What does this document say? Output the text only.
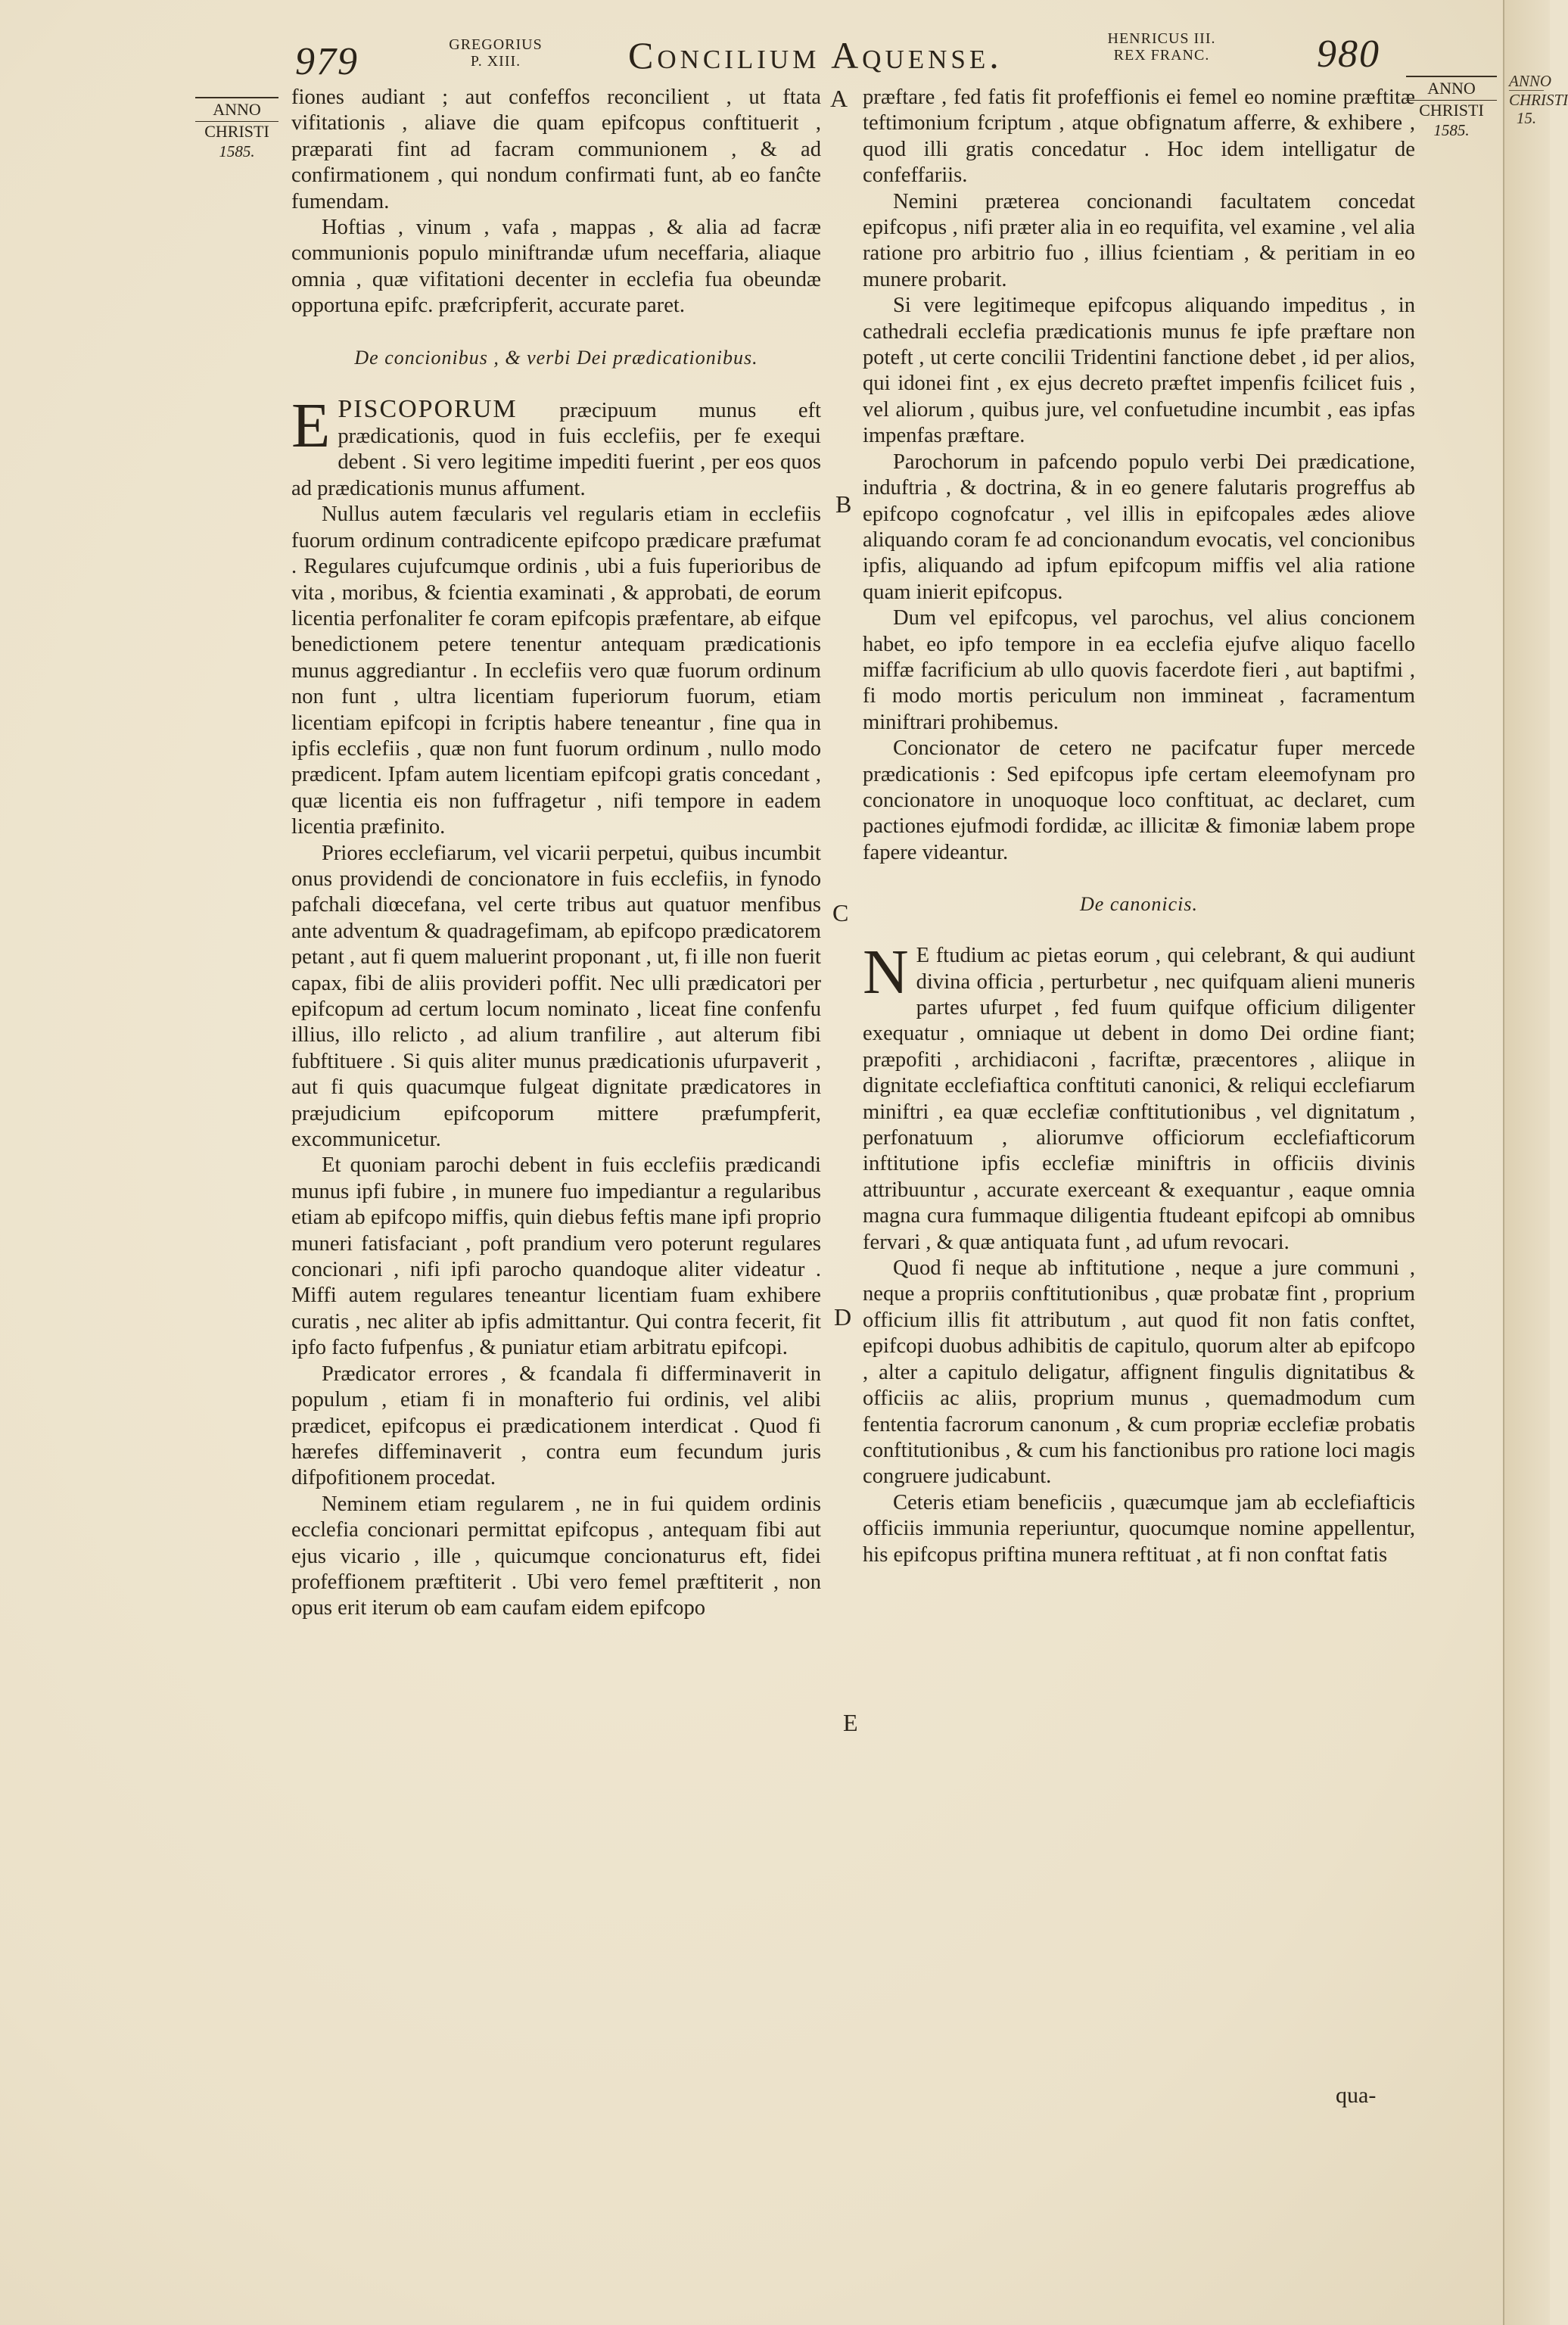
ANNO
CHRISTI
15.
979	GREGORIUS
P. XIII.	Concilium Aquense.	HENRICUS III.
REX FRANC.	980
ANNO
CHRISTI
1585.
ANNO
CHRISTI
1585.
A
B
C
D
E

fiones audiant ; aut confeffos reconcilient , ut ftata vifitationis , aliave die quam epifcopus conftituerit , præparati fint ad facram communionem , & ad confirmationem , qui nondum confirmati funt, ab eo fanĉte fumendam.

Hoftias , vinum , vafa , mappas , & alia ad facræ communionis populo miniftrandæ ufum neceffaria, aliaque omnia , quæ vifitationi decenter in ecclefia fua obeundæ opportuna epifc. præfcripferit, accurate paret.

De concionibus , & verbi Dei prædicationibus.

EPISCOPORUM præcipuum munus eft prædicationis, quod in fuis ecclefiis, per fe exequi debent . Si vero legitime impediti fuerint , per eos quos ad prædicationis munus affument.

Nullus autem fæcularis vel regularis etiam in ecclefiis fuorum ordinum contradicente epifcopo prædicare præfumat . Regulares cujufcumque ordinis , ubi a fuis fuperioribus de vita , moribus, & fcientia examinati , & approbati, de eorum licentia perfonaliter fe coram epifcopis præfentare, ab eifque benedictionem petere tenentur antequam prædicationis munus aggrediantur . In ecclefiis vero quæ fuorum ordinum non funt , ultra licentiam fuperiorum fuorum, etiam licentiam epifcopi in fcriptis habere teneantur , fine qua in ipfis ecclefiis , quæ non funt fuorum ordinum , nullo modo prædicent. Ipfam autem licentiam epifcopi gratis concedant , quæ licentia eis non fuffragetur , nifi tempore in eadem licentia præfinito.

Priores ecclefiarum, vel vicarii perpetui, quibus incumbit onus providendi de concionatore in fuis ecclefiis, in fynodo pafchali diœcefana, vel certe tribus aut quatuor menfibus ante adventum & quadragefimam, ab epifcopo prædicatorem petant , aut fi quem maluerint proponant , ut, fi ille non fuerit capax, fibi de aliis provideri poffit. Nec ulli prædicatori per epifcopum ad certum locum nominato , liceat fine confenfu illius, illo relicto , ad alium tranfilire , aut alterum fibi fubftituere . Si quis aliter munus prædicationis ufurpaverit , aut fi quis quacumque fulgeat dignitate prædicatores in præjudicium epifcoporum mittere præfumpferit, excommunicetur.

Et quoniam parochi debent in fuis ecclefiis prædicandi munus ipfi fubire , in munere fuo impediantur a regularibus etiam ab epifcopo miffis, quin diebus feftis mane ipfi proprio muneri fatisfaciant , poft prandium vero poterunt regulares concionari , nifi ipfi parocho quandoque aliter videatur . Miffi autem regulares teneantur licentiam fuam exhibere curatis , nec aliter ab ipfis admittantur. Qui contra fecerit, fit ipfo facto fufpenfus , & puniatur etiam arbitratu epifcopi.

Prædicator errores , & fcandala fi differminaverit in populum , etiam fi in monafterio fui ordinis, vel alibi prædicet, epifcopus ei prædicationem interdicat . Quod fi hærefes diffeminaverit , contra eum fecundum juris difpofitionem procedat.

Neminem etiam regularem , ne in fui quidem ordinis ecclefia concionari permittat epifcopus , antequam fibi aut ejus vicario , ille , quicumque concionaturus eft, fidei profeffionem præftiterit . Ubi vero femel præftiterit , non opus erit iterum ob eam caufam eidem epifcopo

præftare , fed fatis fit profeffionis ei femel eo nomine præftitæ teftimonium fcriptum , atque obfignatum afferre, & exhibere , quod illi gratis concedatur . Hoc idem intelligatur de confeffariis.

Nemini præterea concionandi facultatem concedat epifcopus , nifi præter alia in eo requifita, vel examine , vel alia ratione pro arbitrio fuo , illius fcientiam , & peritiam in eo munere probarit.

Si vere legitimeque epifcopus aliquando impeditus , in cathedrali ecclefia prædicationis munus fe ipfe præftare non poteft , ut certe concilii Tridentini fanctione debet , id per alios, qui idonei fint , ex ejus decreto præftet impenfis fcilicet fuis , vel aliorum , quibus jure, vel confuetudine incumbit , eas ipfas impenfas præftare.

Parochorum in pafcendo populo verbi Dei prædicatione, induftria , & doctrina, & in eo genere falutaris progreffus ab epifcopo cognofcatur , vel illis in epifcopales ædes aliove aliquando coram fe ad concionandum evocatis, vel concionibus ipfis, aliquando ad ipfum epifcopum miffis vel alia ratione quam inierit epifcopus.

Dum vel epifcopus, vel parochus, vel alius concionem habet, eo ipfo tempore in ea ecclefia ejufve aliquo facello miffæ facrificium ab ullo quovis facerdote fieri , aut baptifmi , fi modo mortis periculum non immineat , facramentum miniftrari prohibemus.

Concionator de cetero ne pacifcatur fuper mercede prædicationis : Sed epifcopus ipfe certam eleemofynam pro concionatore in unoquoque loco conftituat, ac declaret, cum pactiones ejufmodi fordidæ, ac illicitæ & fimoniæ labem prope fapere videantur.

De canonicis.

N E ftudium ac pietas eorum , qui celebrant, & qui audiunt divina officia , perturbetur , nec quifquam alieni muneris partes ufurpet , fed fuum quifque officium diligenter exequatur , omniaque ut debent in domo Dei ordine fiant; præpofiti , archidiaconi , facriftæ, præcentores , aliique in dignitate ecclefiaftica conftituti canonici, & reliqui ecclefiarum miniftri , ea quæ ecclefiæ conftitutionibus , vel dignitatum , perfonatuum , aliorumve officiorum ecclefiafticorum inftitutione ipfis ecclefiæ miniftris in officiis divinis attribuuntur , accurate exerceant & exequantur , eaque omnia magna cura fummaque diligentia ftudeant epifcopi ab omnibus fervari , & quæ antiquata funt , ad ufum revocari.

Quod fi neque ab inftitutione , neque a jure communi , neque a propriis conftitutionibus , quæ probatæ fint , proprium officium illis fit attributum , aut quod fit non fatis conftet, epifcopi duobus adhibitis de capitulo, quorum alter ab epifcopo , alter a capitulo deligatur, affignent fingulis dignitatibus & officiis ac aliis, proprium munus , quemadmodum cum fententia facrorum canonum , & cum propriæ ecclefiæ probatis conftitutionibus , & cum his fanctionibus pro ratione loci magis congruere judicabunt.

Ceteris etiam beneficiis , quæcumque jam ab ecclefiafticis officiis immunia reperiuntur, quocumque nomine appellentur, his epifcopus priftina munera reftituat , at fi non conftat fatis

qua-
